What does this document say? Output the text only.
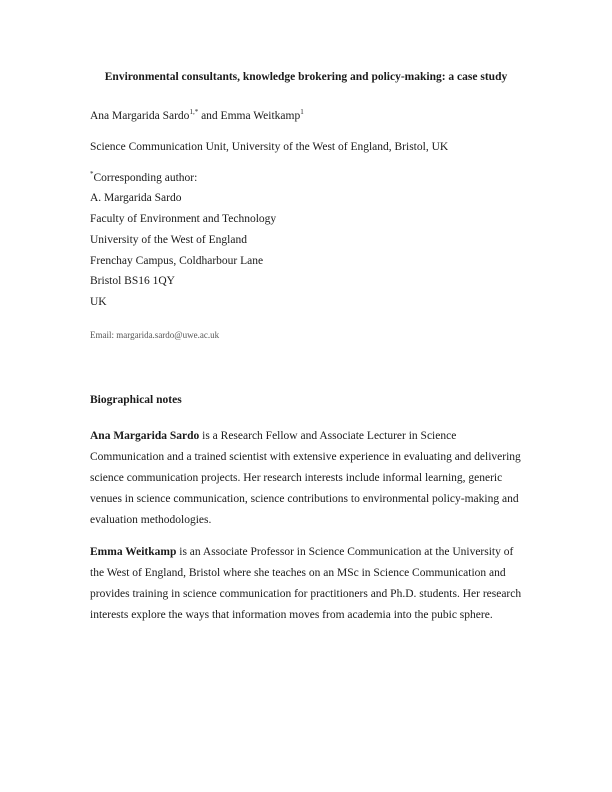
Environmental consultants, knowledge brokering and policy-making: a case study
Ana Margarida Sardo$^{1,*}$ and Emma Weitkamp$^1$
Science Communication Unit, University of the West of England, Bristol, UK
*Corresponding author:
A. Margarida Sardo
Faculty of Environment and Technology
University of the West of England
Frenchay Campus, Coldharbour Lane
Bristol BS16 1QY
UK
Email: margarida.sardo@uwe.ac.uk
Biographical notes
Ana Margarida Sardo is a Research Fellow and Associate Lecturer in Science Communication and a trained scientist with extensive experience in evaluating and delivering science communication projects. Her research interests include informal learning, generic venues in science communication, science contributions to environmental policy-making and evaluation methodologies.
Emma Weitkamp is an Associate Professor in Science Communication at the University of the West of England, Bristol where she teaches on an MSc in Science Communication and provides training in science communication for practitioners and Ph.D. students. Her research interests explore the ways that information moves from academia into the pubic sphere.
